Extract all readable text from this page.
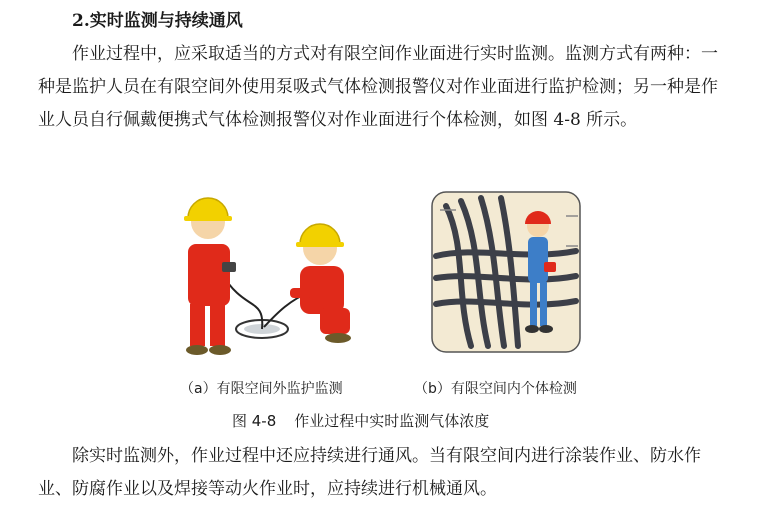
2.实时监测与持续通风
作业过程中，应采取适当的方式对有限空间作业面进行实时监测。监测方式有两种：一种是监护人员在有限空间外使用泵吸式气体检测报警仪对作业面进行监护检测；另一种是作业人员自行佩戴便携式气体检测报警仪对作业面进行个体检测，如图 4-8 所示。
（a）有限空间外监护监测	（b）有限空间内个体检测
图 4-8 作业过程中实时监测气体浓度
除实时监测外，作业过程中还应持续进行通风。当有限空间内进行涂装作业、防水作业、防腐作业以及焊接等动火作业时，应持续进行机械通风。
